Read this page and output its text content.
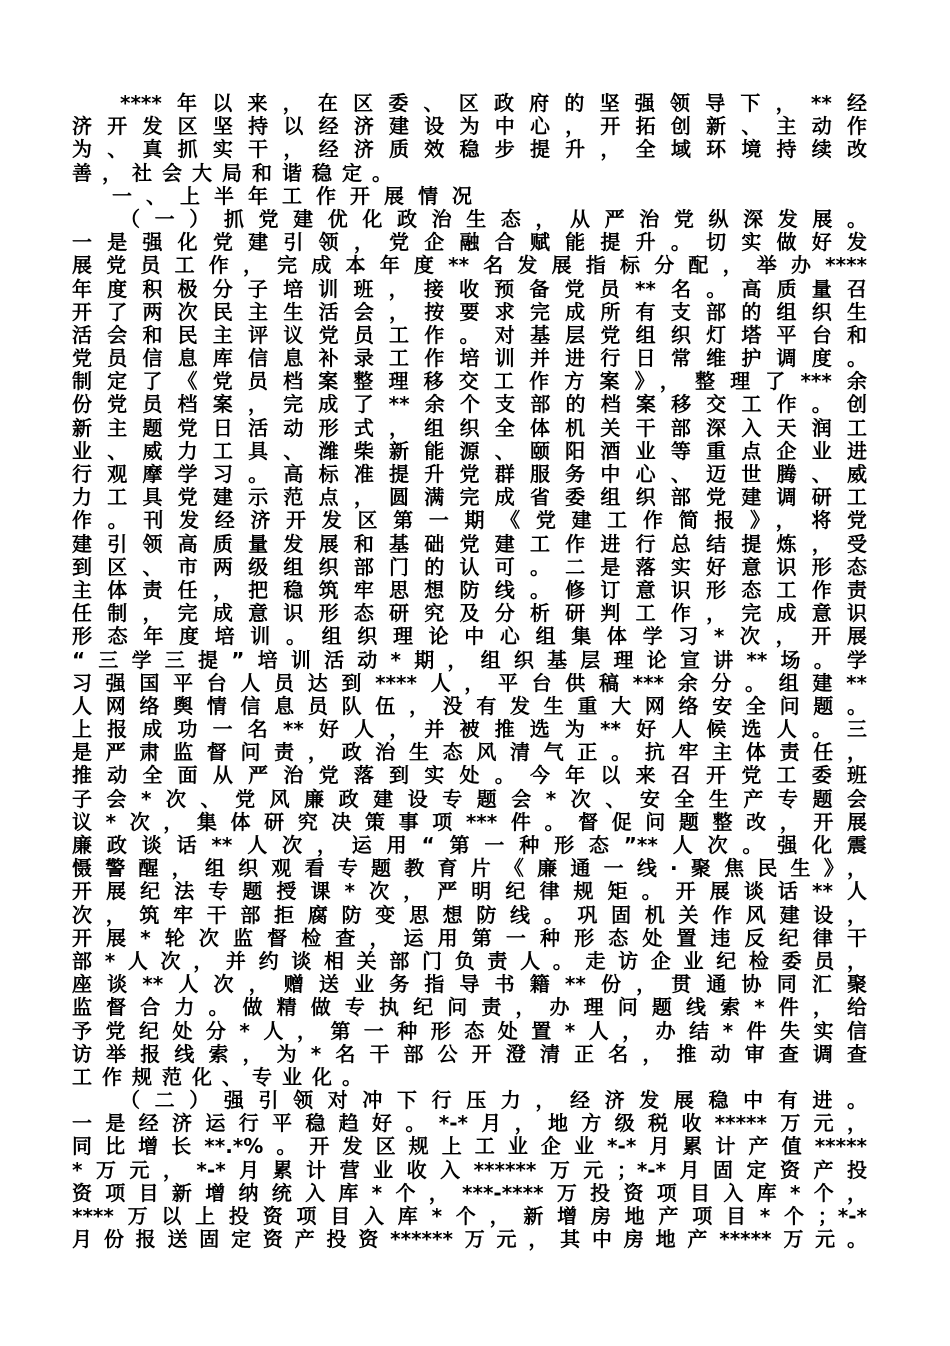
****年以来，在区委、区政府的坚强领导下，**经
济开发区坚持以经济建设为中心，开拓创新、主动作
为、真抓实干，经济质效稳步提升，全域环境持续改
善，社会大局和谐稳定。
一、上半年工作开展情况
（一）抓党建优化政治生态，从严治党纵深发展。
一是强化党建引领，党企融合赋能提升。切实做好发
展党员工作，完成本年度**名发展指标分配，举办****
年度积极分子培训班，接收预备党员**名。高质量召
开了两次民主生活会，按要求完成所有支部的组织生
活会和民主评议党员工作。对基层党组织灯塔平台和
党员信息库信息补录工作培训并进行日常维护调度。
制定了《党员档案整理移交工作方案》，整理了***余
份党员档案，完成了**余个支部的档案移交工作。创
新主题党日活动形式，组织全体机关干部深入天润工
业、威力工具、潍柴新能源、颐阳酒业等重点企业进
行观摩学习。高标准提升党群服务中心、迈世腾、威
力工具党建示范点，圆满完成省委组织部党建调研工
作。刊发经济开发区第一期《党建工作简报》，将党
建引领高质量发展和基础党建工作进行总结提炼，受
到区、市两级组织部门的认可。二是落实好意识形态
主体责任，把稳筑牢思想防线。修订意识形态工作责
任制，完成意识形态研究及分析研判工作，完成意识
形态年度培训。组织理论中心组集体学习*次，开展
“三学三提”培训活动*期，组织基层理论宣讲**场。学
习强国平台人员达到****人，平台供稿***余分。组建**
人网络舆情信息员队伍，没有发生重大网络安全问题。
上报成功一名**好人，并被推选为**好人候选人。三
是严肃监督问责，政治生态风清气正。抗牢主体责任，
推动全面从严治党落到实处。今年以来召开党工委班
子会*次、党风廉政建设专题会*次、安全生产专题会
议*次，集体研究决策事项***件。督促问题整改，开展
廉政谈话**人次，运用“第一种形态”**人次。强化震
慑警醒，组织观看专题教育片《廉通一线·聚焦民生》，
开展纪法专题授课*次，严明纪律规矩。开展谈话**人
次，筑牢干部拒腐防变思想防线。巩固机关作风建设，
开展*轮次监督检查，运用第一种形态处置违反纪律干
部*人次，并约谈相关部门负责人。走访企业纪检委员，
座谈**人次，赠送业务指导书籍**份，贯通协同汇聚
监督合力。做精做专执纪问责，办理问题线索*件，给
予党纪处分*人，第一种形态处置*人，办结*件失实信
访举报线索，为*名干部公开澄清正名，推动审查调查
工作规范化、专业化。
（二）强引领对冲下行压力，经济发展稳中有进。
一是经济运行平稳趋好。*-*月，地方级税收*****万元，
同比增长**.*%。开发区规上工业企业*-*月累计产值*****
*万元，*-*月累计营业收入******万元；*-*月固定资产投
资项目新增纳统入库*个，***-****万投资项目入库*个，
****万以上投资项目入库*个，新增房地产项目*个；*-*
月份报送固定资产投资******万元，其中房地产*****万元。
